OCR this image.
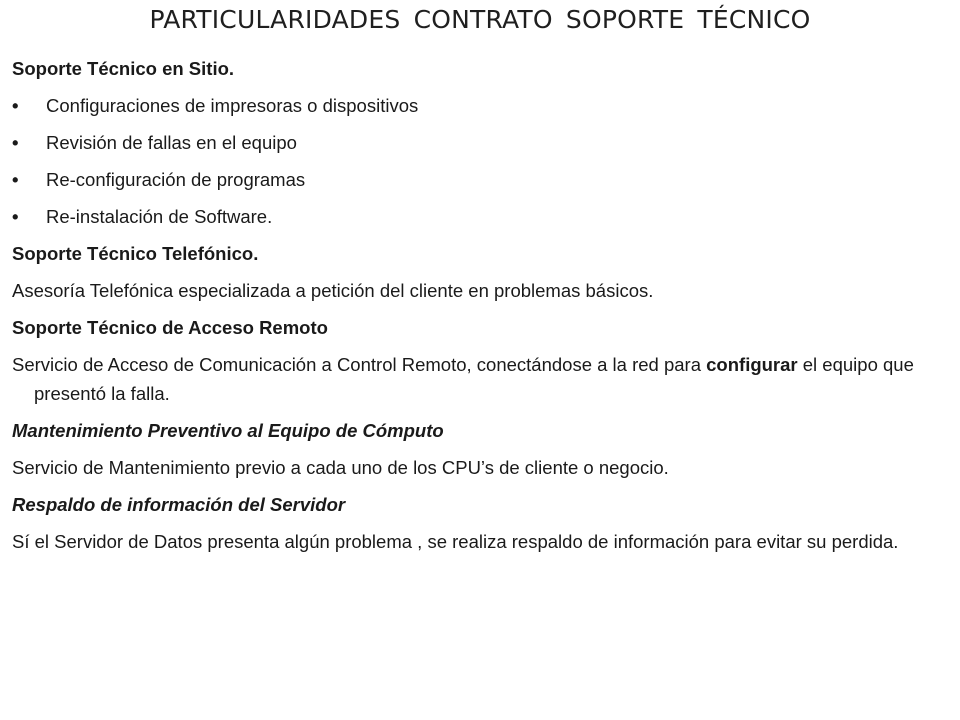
PARTICULARIDADES CONTRATO SOPORTE TÉCNICO
Soporte Técnico en Sitio.
•	Configuraciones de impresoras o dispositivos
•	Revisión de fallas en el equipo
•	Re-configuración de programas
•	Re-instalación de Software.
Soporte Técnico Telefónico.
Asesoría Telefónica especializada a petición del cliente en problemas básicos.
Soporte Técnico de Acceso Remoto
Servicio de Acceso de Comunicación a Control Remoto, conectándose a la red para configurar el equipo que presentó la falla.
Mantenimiento Preventivo al Equipo de Cómputo
Servicio de Mantenimiento previo a cada uno de los CPU’s de cliente o negocio.
Respaldo de información del Servidor
Sí el Servidor de Datos presenta algún problema , se realiza respaldo de información para evitar su perdida.
